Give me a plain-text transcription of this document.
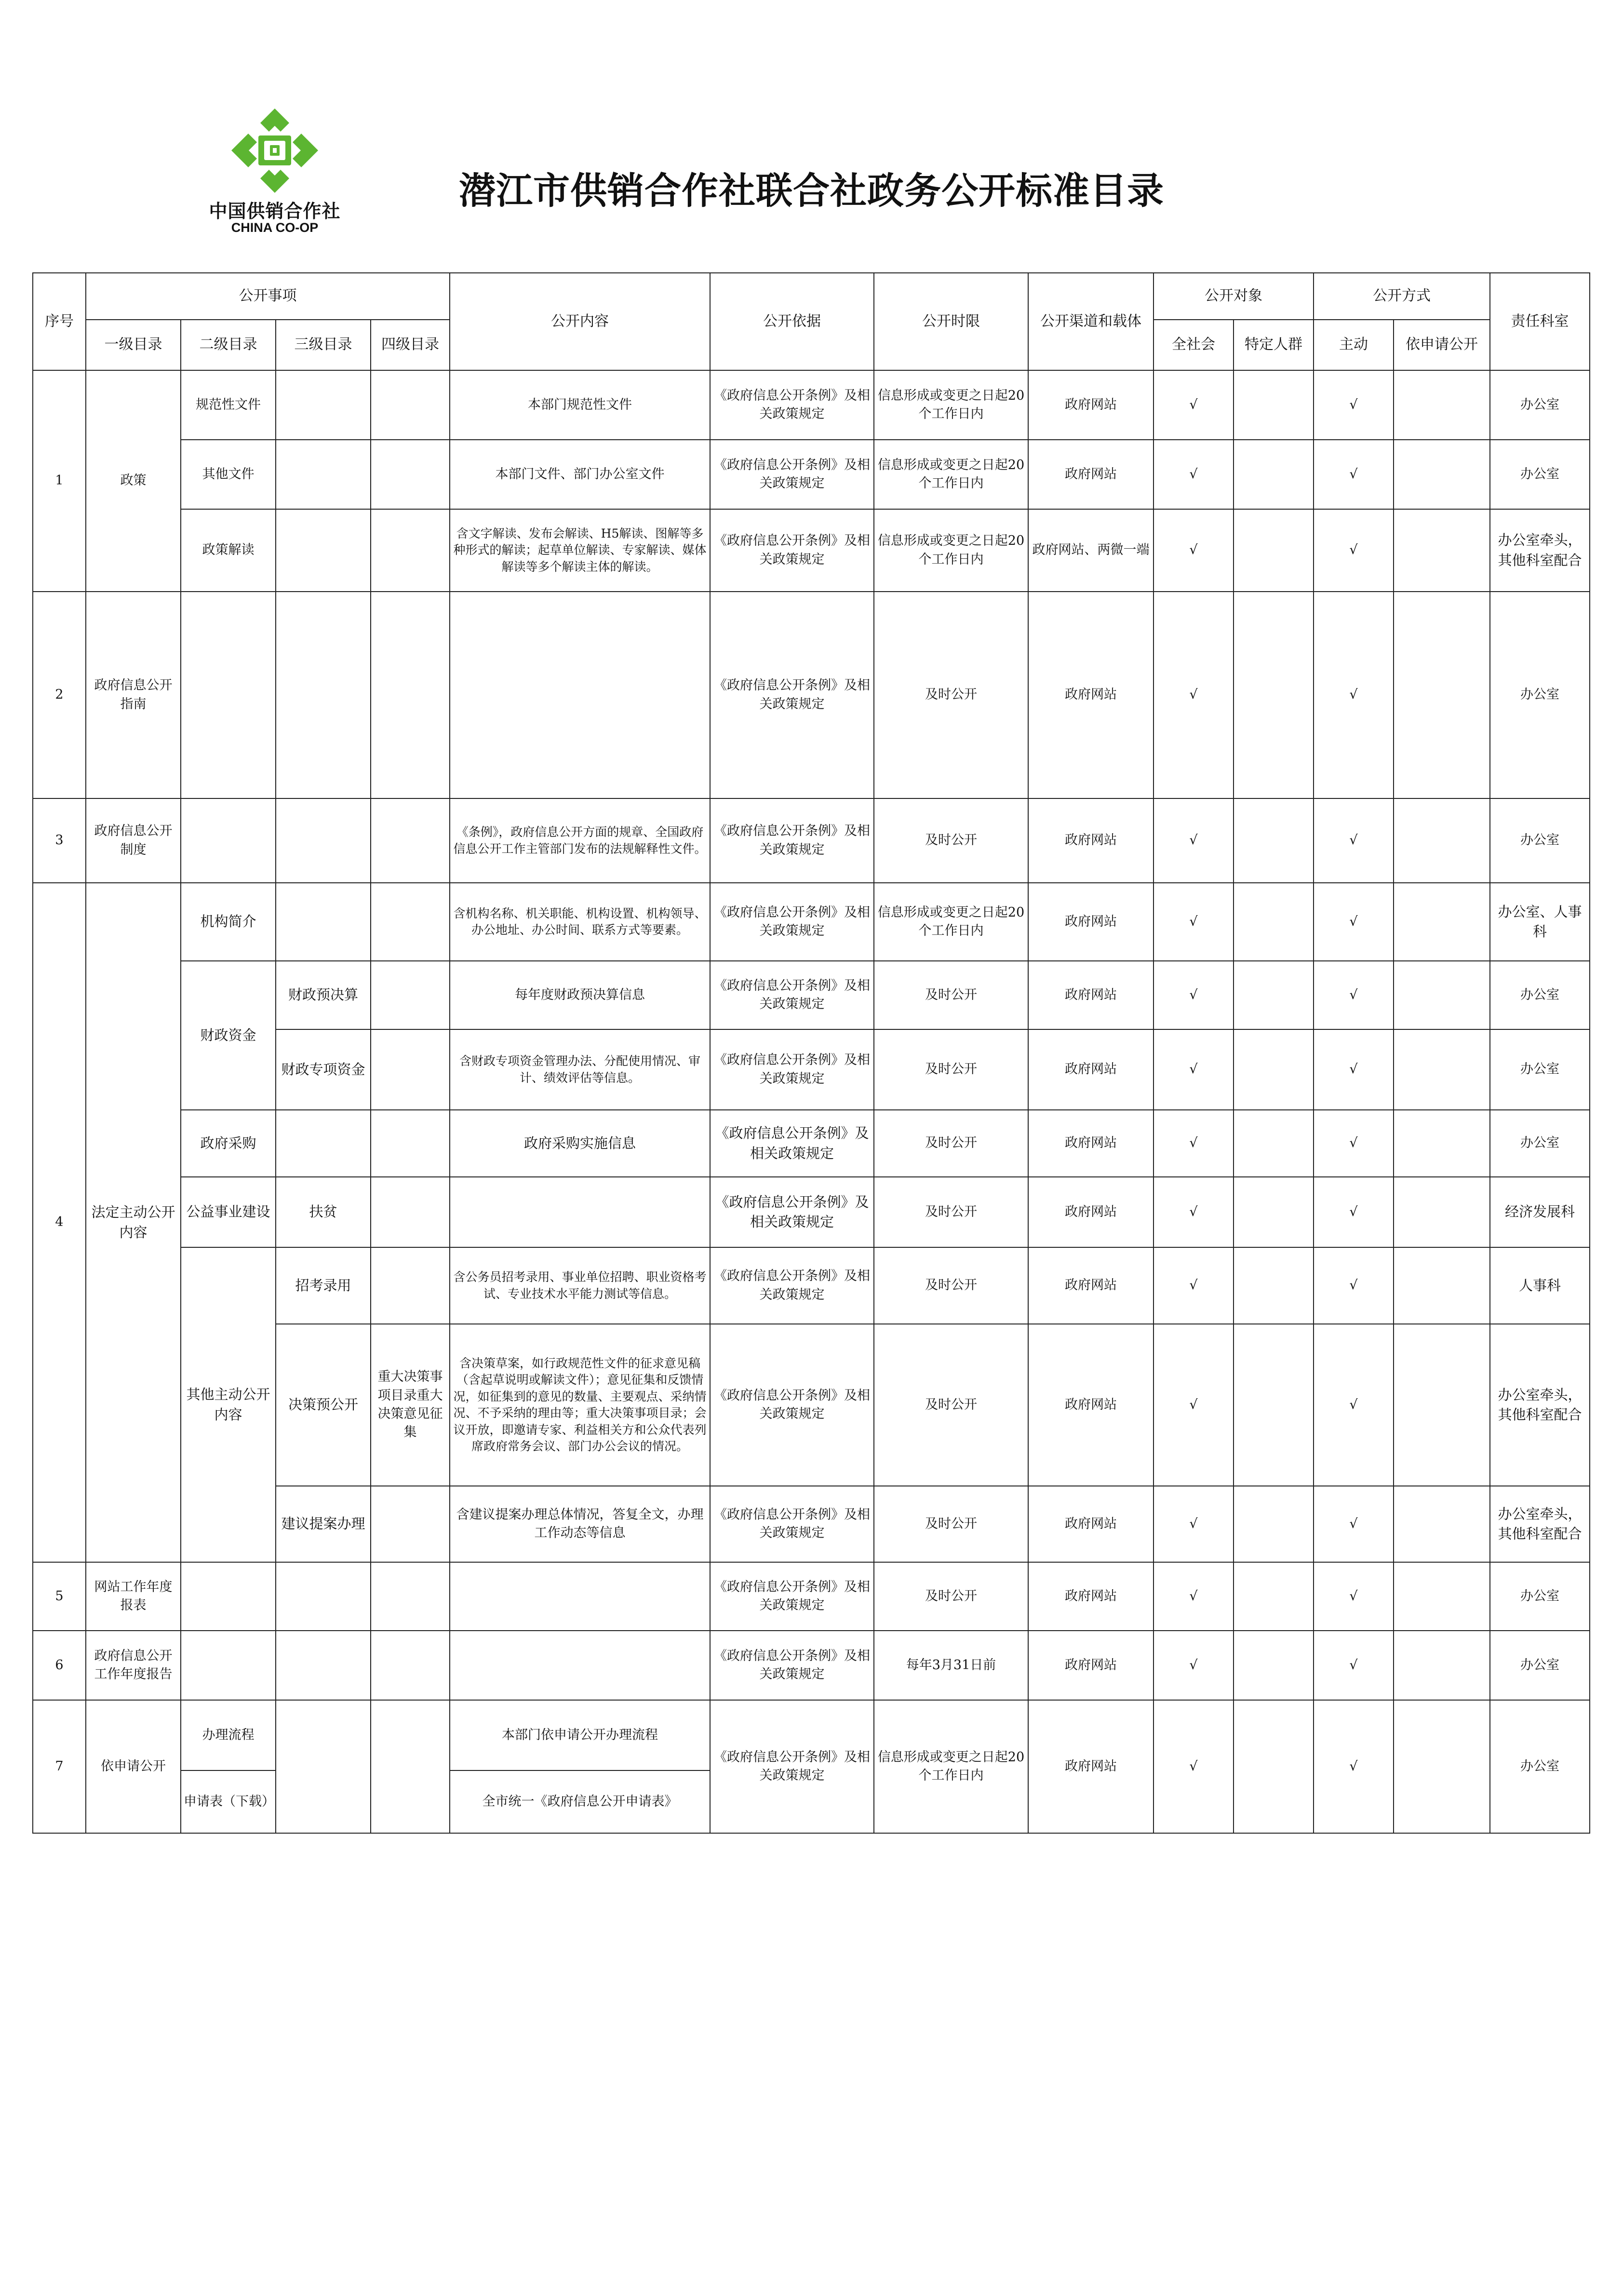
中国供销合作社
CHINA CO-OP
潜江市供销合作社联合社政务公开标准目录
序号	公开事项				公开内容	公开依据	公开时限	公开渠道和载体	公开对象		公开方式		责任科室
	一级目录	二级目录	三级目录	四级目录					全社会	特定人群	主动	依申请公开	
1	政策	规范性文件			本部门规范性文件	《政府信息公开条例》及相关政策规定	信息形成或变更之日起20个工作日内	政府网站	√		√		办公室
		其他文件			本部门文件、部门办公室文件	《政府信息公开条例》及相关政策规定	信息形成或变更之日起20个工作日内	政府网站	√		√		办公室
		政策解读			含文字解读、发布会解读、H5解读、图解等多种形式的解读；起草单位解读、专家解读、媒体解读等多个解读主体的解读。	《政府信息公开条例》及相关政策规定	信息形成或变更之日起20个工作日内	政府网站、两微一端	√		√		办公室牵头，其他科室配合
2	政府信息公开指南					《政府信息公开条例》及相关政策规定	及时公开	政府网站	√		√		办公室
3	政府信息公开制度				《条例》，政府信息公开方面的规章、全国政府信息公开工作主管部门发布的法规解释性文件。	《政府信息公开条例》及相关政策规定	及时公开	政府网站	√		√		办公室
4	法定主动公开内容	机构简介			含机构名称、机关职能、机构设置、机构领导、办公地址、办公时间、联系方式等要素。	《政府信息公开条例》及相关政策规定	信息形成或变更之日起20个工作日内	政府网站	√		√		办公室、人事科
		财政资金	财政预决算		每年度财政预决算信息	《政府信息公开条例》及相关政策规定	及时公开	政府网站	√		√		办公室
			财政专项资金		含财政专项资金管理办法、分配使用情况、审计、绩效评估等信息。	《政府信息公开条例》及相关政策规定	及时公开	政府网站	√		√		办公室
		政府采购			政府采购实施信息	《政府信息公开条例》及相关政策规定	及时公开	政府网站	√		√		办公室
		公益事业建设	扶贫			《政府信息公开条例》及相关政策规定	及时公开	政府网站	√		√		经济发展科
		其他主动公开内容	招考录用		含公务员招考录用、事业单位招聘、职业资格考试、专业技术水平能力测试等信息。	《政府信息公开条例》及相关政策规定	及时公开	政府网站	√		√		人事科
			决策预公开	重大决策事项目录重大决策意见征集	含决策草案，如行政规范性文件的征求意见稿（含起草说明或解读文件）；意见征集和反馈情况，如征集到的意见的数量、主要观点、采纳情况、不予采纳的理由等；重大决策事项目录；会议开放，即邀请专家、利益相关方和公众代表列席政府常务会议、部门办公会议的情况。	《政府信息公开条例》及相关政策规定	及时公开	政府网站	√		√		办公室牵头，其他科室配合
			建议提案办理		含建议提案办理总体情况，答复全文，办理工作动态等信息	《政府信息公开条例》及相关政策规定	及时公开	政府网站	√		√		办公室牵头，其他科室配合
5	网站工作年度报表					《政府信息公开条例》及相关政策规定	及时公开	政府网站	√		√		办公室
6	政府信息公开工作年度报告					《政府信息公开条例》及相关政策规定	每年3月31日前	政府网站	√		√		办公室
7	依申请公开	办理流程			本部门依申请公开办理流程	《政府信息公开条例》及相关政策规定	信息形成或变更之日起20个工作日内	政府网站	√		√		办公室
		申请表（下载）			全市统一《政府信息公开申请表》								
